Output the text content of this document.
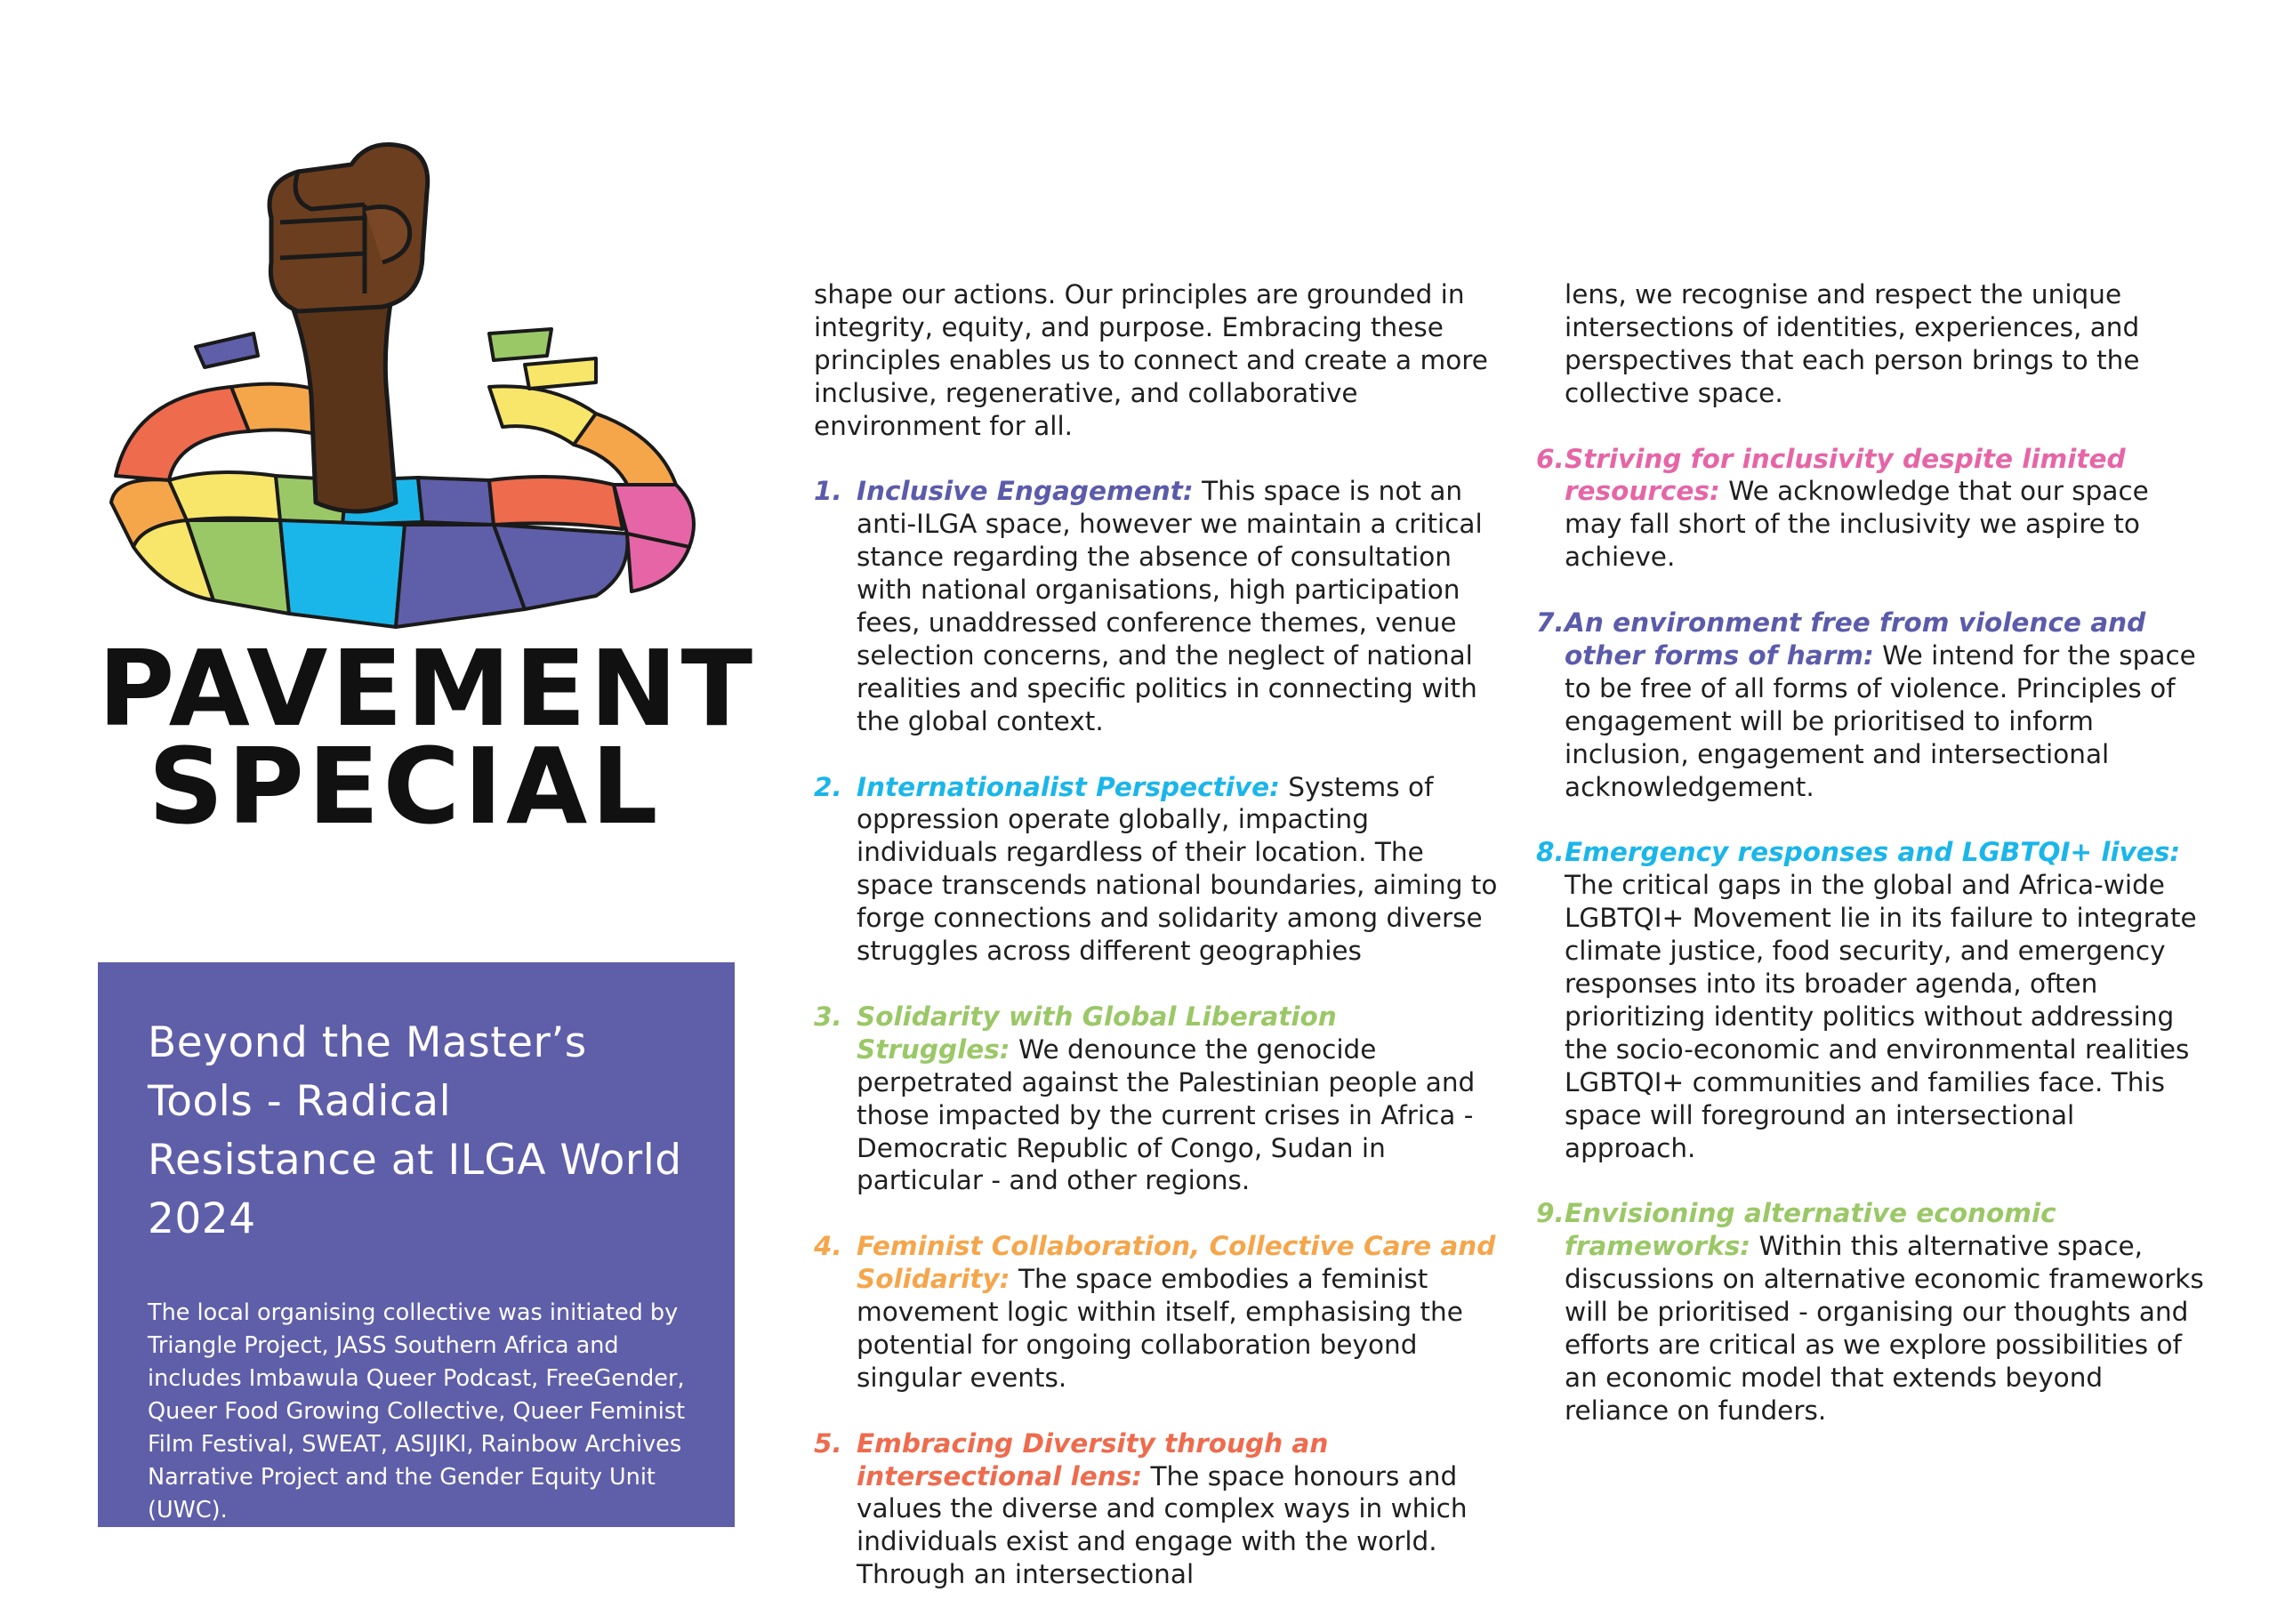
PAVEMENT
SPECIAL
Beyond the Master’s Tools - Radical Resistance at ILGA World 2024

The local organising collective was initiated by Triangle Project, JASS Southern Africa and includes Imbawula Queer Podcast, FreeGender, Queer Food Growing Collective, Queer Feminist Film Festival, SWEAT, ASIJIKI, Rainbow Archives Narrative Project and the Gender Equity Unit (UWC).

shape our actions. Our principles are grounded in integrity, equity, and purpose. Embracing these principles enables us to connect and create a more inclusive, regenerative, and collaborative environment for all.

1. Inclusive Engagement: This space is not an anti-ILGA space, however we maintain a critical stance regarding the absence of consultation with national organisations, high participation fees, unaddressed conference themes, venue selection concerns, and the neglect of national realities and specific politics in connecting with the global context.
2. Internationalist Perspective: Systems of oppression operate globally, impacting individuals regardless of their location. The space transcends national boundaries, aiming to forge connections and solidarity among diverse struggles across different geographies
3. Solidarity with Global Liberation Struggles: We denounce the genocide perpetrated against the Palestinian people and those impacted by the current crises in Africa - Democratic Republic of Congo, Sudan in particular - and other regions.
4. Feminist Collaboration, Collective Care and Solidarity: The space embodies a feminist movement logic within itself, emphasising the potential for ongoing collaboration beyond singular events.
5. Embracing Diversity through an intersectional lens: The space honours and values the diverse and complex ways in which individuals exist and engage with the world. Through an intersectional

lens, we recognise and respect the unique intersections of identities, experiences, and perspectives that each person brings to the collective space.

6. Striving for inclusivity despite limited resources: We acknowledge that our space may fall short of the inclusivity we aspire to achieve.
7. An environment free from violence and other forms of harm: We intend for the space to be free of all forms of violence. Principles of engagement will be prioritised to inform inclusion, engagement and intersectional acknowledgement.
8. Emergency responses and LGBTQI+ lives: The critical gaps in the global and Africa-wide LGBTQI+ Movement lie in its failure to integrate climate justice, food security, and emergency responses into its broader agenda, often prioritizing identity politics without addressing the socio-economic and environmental realities LGBTQI+ communities and families face. This space will foreground an intersectional approach.
9. Envisioning alternative economic frameworks: Within this alternative space, discussions on alternative economic frameworks will be prioritised - organising our thoughts and efforts are critical as we explore possibilities of an economic model that extends beyond reliance on funders.
